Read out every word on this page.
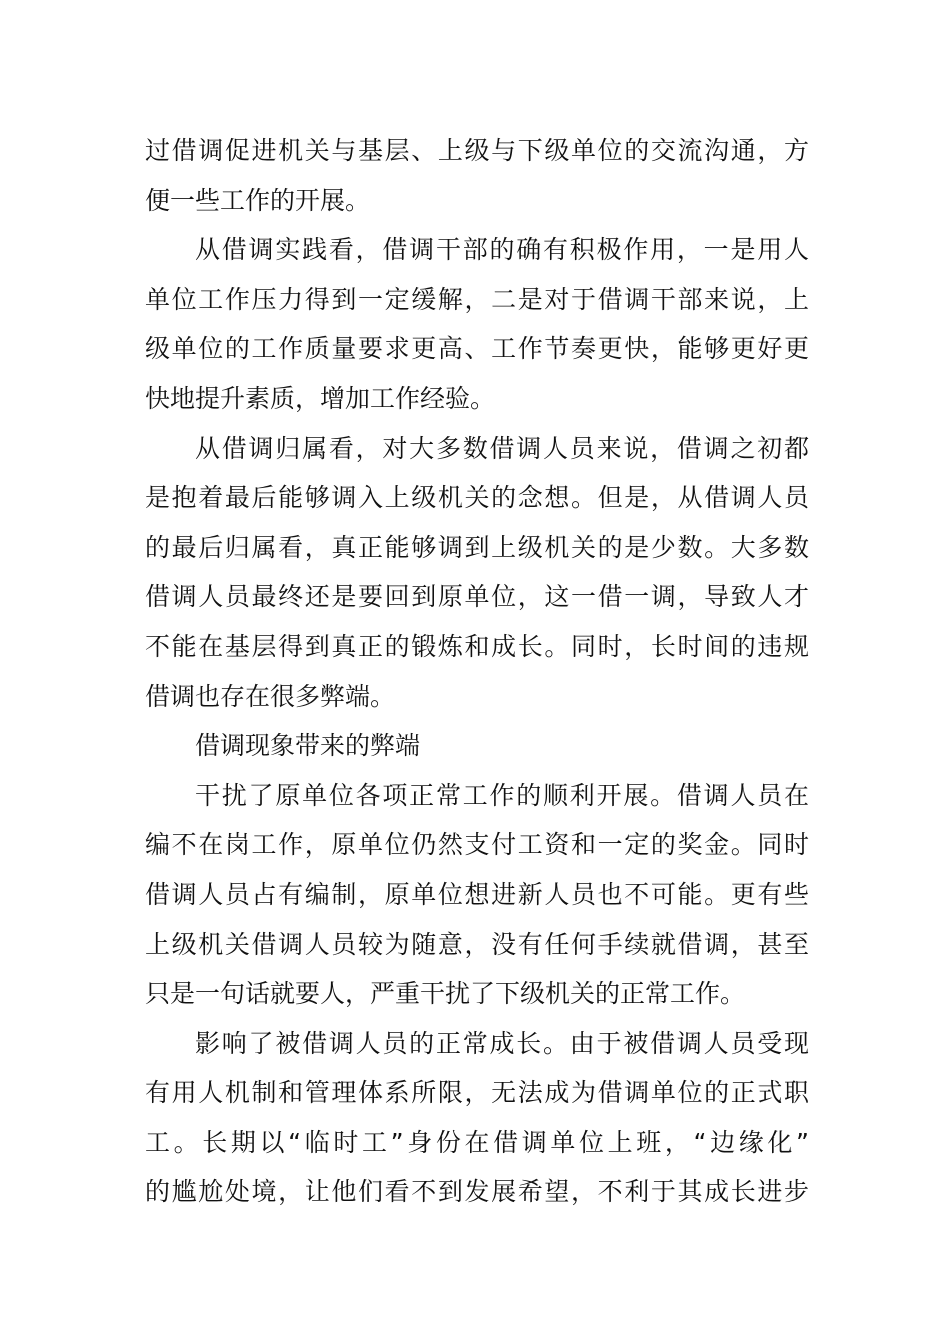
过借调促进机关与基层、上级与下级单位的交流沟通，方
便一些工作的开展。
从借调实践看，借调干部的确有积极作用，一是用人
单位工作压力得到一定缓解，二是对于借调干部来说，上
级单位的工作质量要求更高、工作节奏更快，能够更好更
快地提升素质，增加工作经验。
从借调归属看，对大多数借调人员来说，借调之初都
是抱着最后能够调入上级机关的念想。但是，从借调人员
的最后归属看，真正能够调到上级机关的是少数。大多数
借调人员最终还是要回到原单位，这一借一调，导致人才
不能在基层得到真正的锻炼和成长。同时，长时间的违规
借调也存在很多弊端。
借调现象带来的弊端
干扰了原单位各项正常工作的顺利开展。借调人员在
编不在岗工作，原单位仍然支付工资和一定的奖金。同时
借调人员占有编制，原单位想进新人员也不可能。更有些
上级机关借调人员较为随意，没有任何手续就借调，甚至
只是一句话就要人，严重干扰了下级机关的正常工作。
影响了被借调人员的正常成长。由于被借调人员受现
有用人机制和管理体系所限，无法成为借调单位的正式职
工。长期以“临时工”身份在借调单位上班，“边缘化”
的尴尬处境，让他们看不到发展希望，不利于其成长进步
